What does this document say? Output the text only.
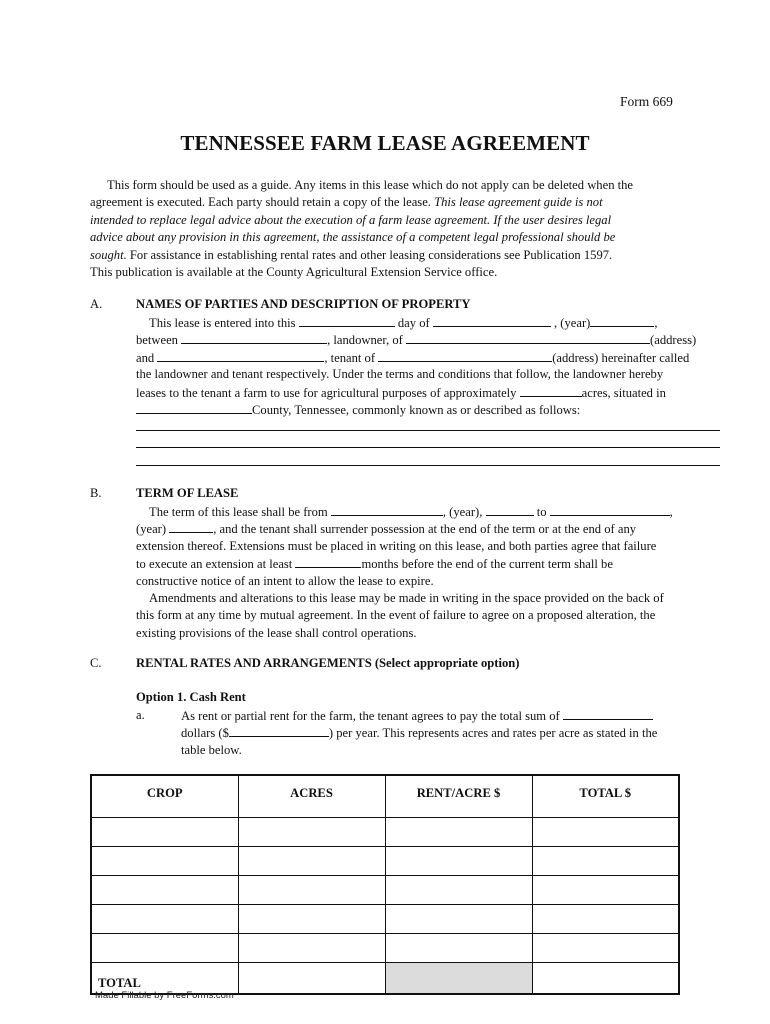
Form 669
TENNESSEE FARM LEASE AGREEMENT
This form should be used as a guide. Any items in this lease which do not apply can be deleted when the
agreement is executed. Each party should retain a copy of the lease. This lease agreement guide is not
intended to replace legal advice about the execution of a farm lease agreement. If the user desires legal
advice about any provision in this agreement, the assistance of a competent legal professional should be
sought. For assistance in establishing rental rates and other leasing considerations see Publication 1597.
This publication is available at the County Agricultural Extension Service office.
A.	NAMES OF PARTIES AND DESCRIPTION OF PROPERTY
This lease is entered into this	day of	, (year)	,
between	, landowner, of	(address)
and	, tenant of	(address) hereinafter called
the landowner and tenant respectively. Under the terms and conditions that follow, the landowner hereby
leases to the tenant a farm to use for agricultural purposes of approximately	acres, situated in
County, Tennessee, commonly known as or described as follows:
B.	TERM OF LEASE
The term of this lease shall be from	, (year),	to	,
(year)	, and the tenant shall surrender possession at the end of the term or at the end of any
extension thereof. Extensions must be placed in writing on this lease, and both parties agree that failure
to execute an extension at least	months before the end of the current term shall be
constructive notice of an intent to allow the lease to expire.
Amendments and alterations to this lease may be made in writing in the space provided on the back of
this form at any time by mutual agreement. In the event of failure to agree on a proposed alteration, the
existing provisions of the lease shall control operations.
C.	RENTAL RATES AND ARRANGEMENTS (Select appropriate option)
Option 1. Cash Rent
a.	As rent or partial rent for the farm, the tenant agrees to pay the total sum of
dollars ($	) per year. This represents acres and rates per acre as stated in the
table below.
CROP	ACRES	RENT/ACRE $	TOTAL $

TOTAL			
Made Fillable by FreeForms.com
